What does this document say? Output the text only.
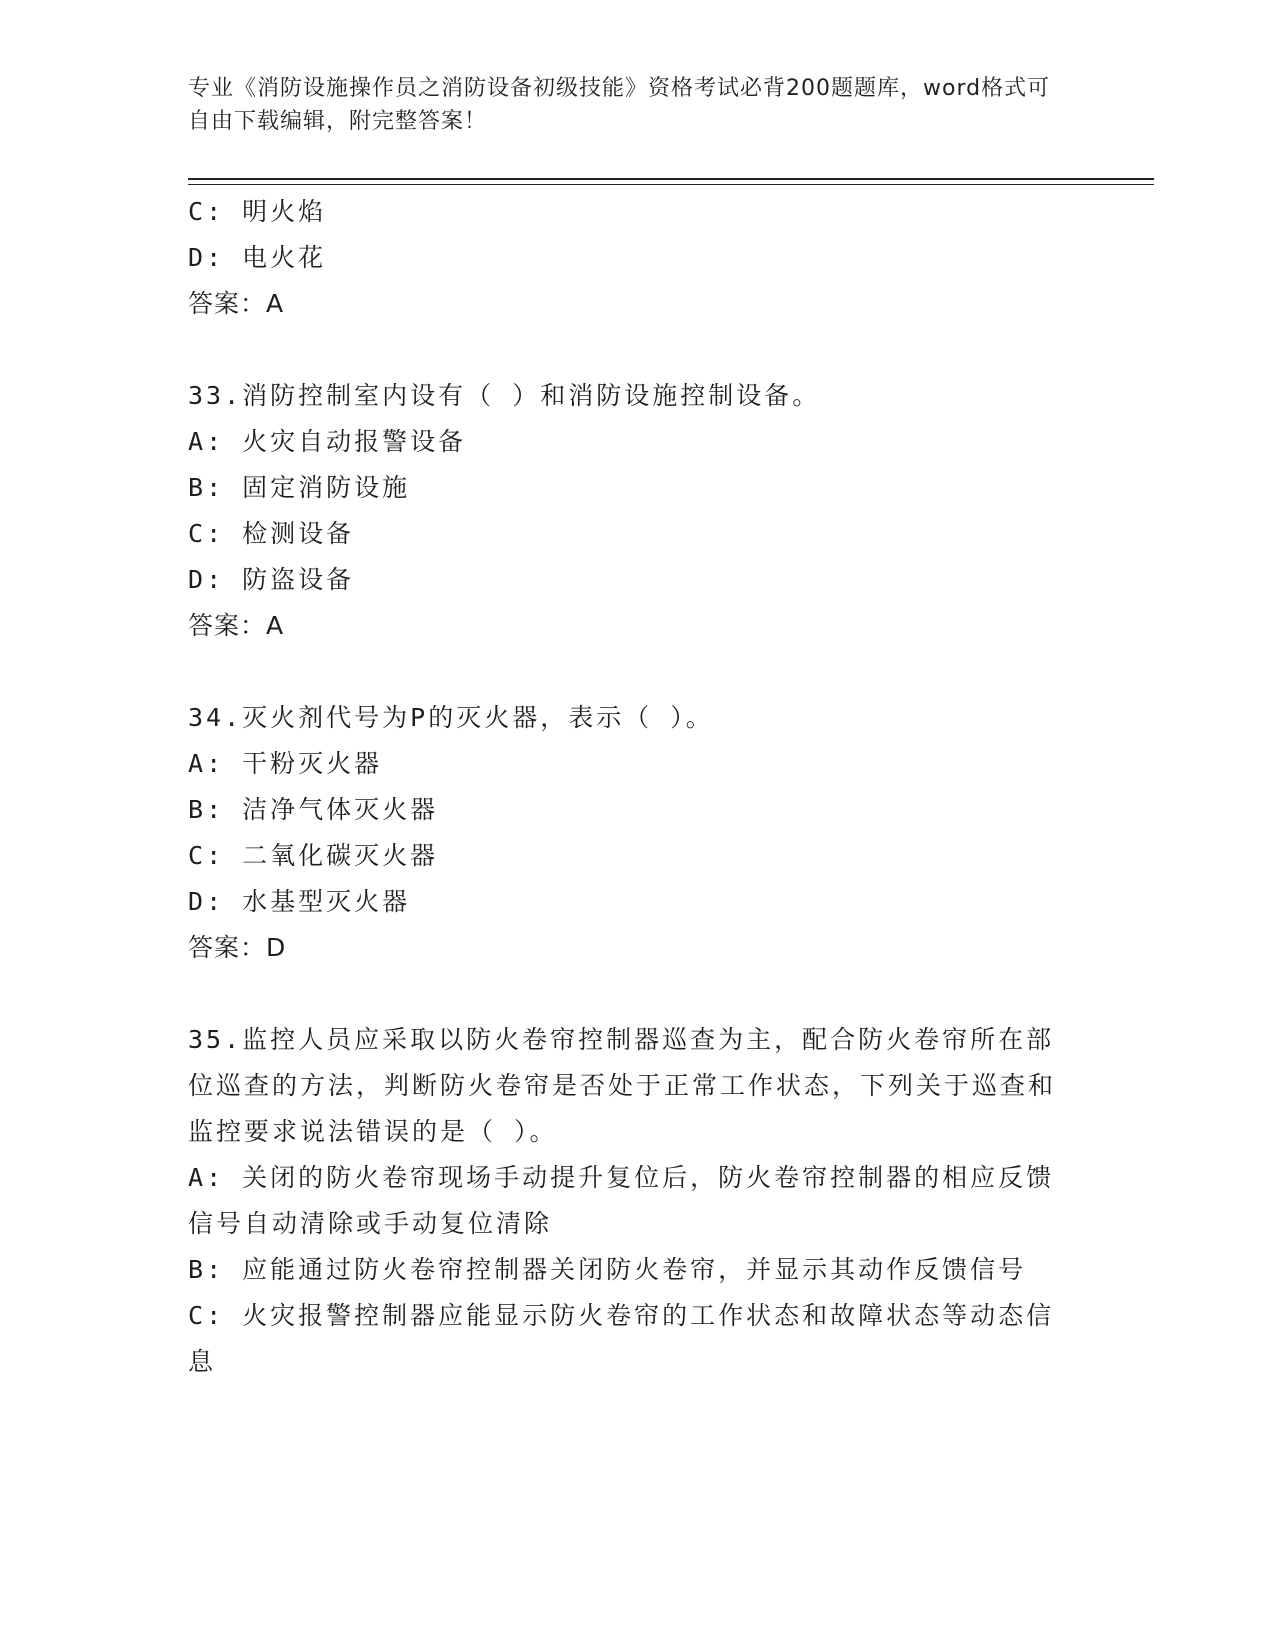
专业《消防设施操作员之消防设备初级技能》资格考试必背200题题库，word格式可自由下载编辑，附完整答案！
C: 明火焰
D: 电火花
答案：A
33.消防控制室内设有（ ）和消防设施控制设备。
A: 火灾自动报警设备
B: 固定消防设施
C: 检测设备
D: 防盗设备
答案：A
34.灭火剂代号为P的灭火器，表示（ ）。
A: 干粉灭火器
B: 洁净气体灭火器
C: 二氧化碳灭火器
D: 水基型灭火器
答案：D
35.监控人员应采取以防火卷帘控制器巡查为主，配合防火卷帘所在部位巡查的方法，判断防火卷帘是否处于正常工作状态，下列关于巡查和监控要求说法错误的是（ ）。
A: 关闭的防火卷帘现场手动提升复位后，防火卷帘控制器的相应反馈信号自动清除或手动复位清除
B: 应能通过防火卷帘控制器关闭防火卷帘，并显示其动作反馈信号
C: 火灾报警控制器应能显示防火卷帘的工作状态和故障状态等动态信息
